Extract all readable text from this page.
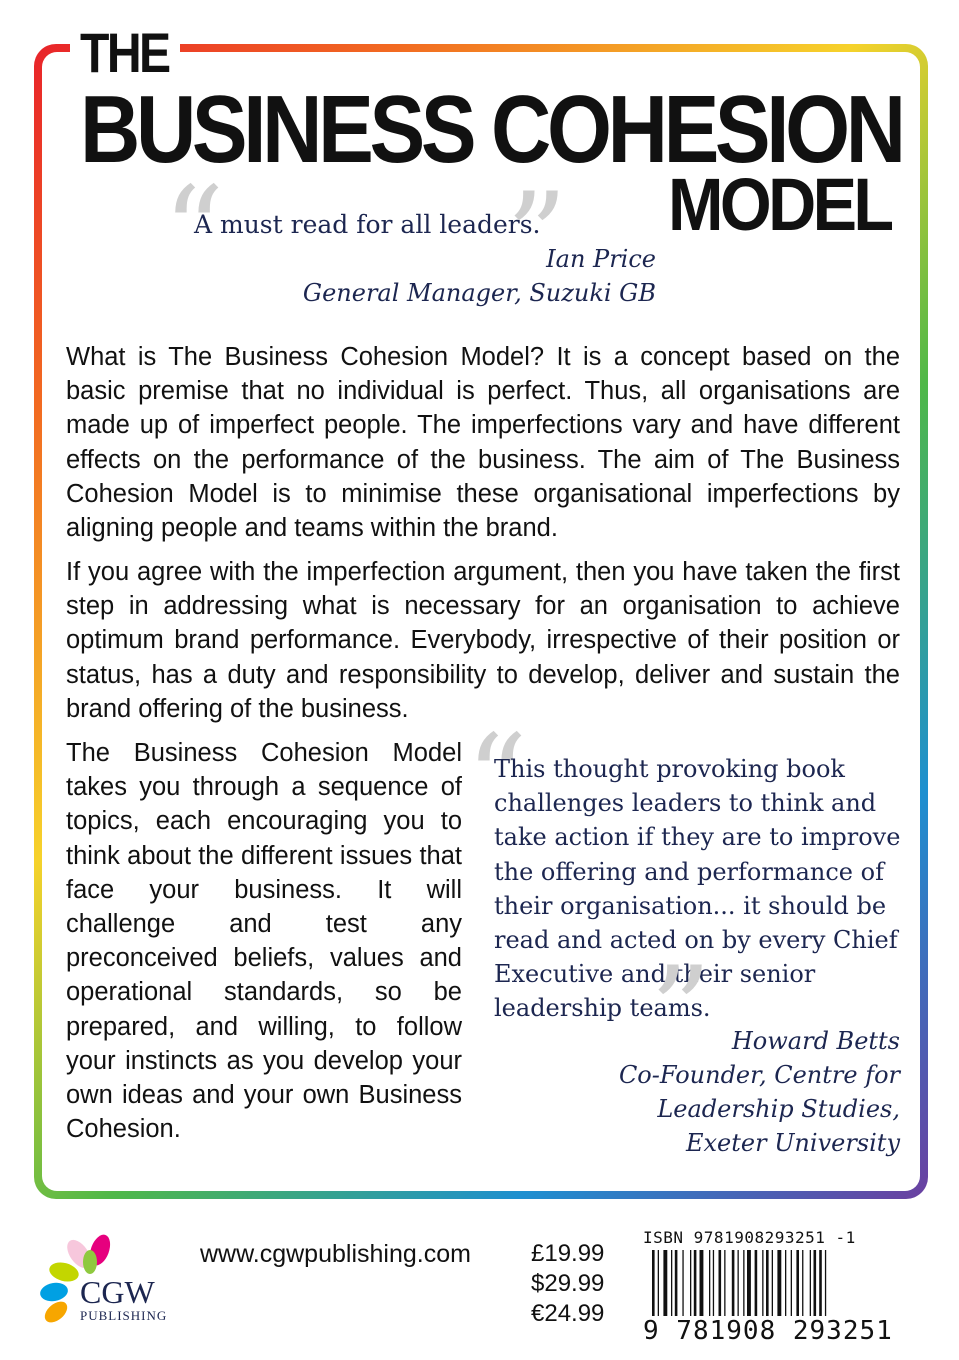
THE
BUSINESS COHESION
MODEL
“
A must read for all leaders.
”
Ian Price
General Manager, Suzuki GB

What is The Business Cohesion Model? It is a concept based on the basic premise that no individual is perfect. Thus, all organisations are made up of imperfect people. The imperfections vary and have different effects on the performance of the business. The aim of The Business Cohesion Model is to minimise these organisational imperfections by aligning people and teams within the brand.

If you agree with the imperfection argument, then you have taken the first step in addressing what is necessary for an organisation to achieve optimum brand performance. Everybody, irrespective of their position or status, has a duty and responsibility to develop, deliver and sustain the brand offering of the business.

The Business Cohesion Model takes you through a sequence of topics, each encouraging you to think about the different issues that face your business. It will challenge and test any preconceived beliefs, values and operational standards, so be prepared, and willing, to follow your instincts as you develop your own ideas and your own Business Cohesion.

“

This thought provoking book challenges leaders to think and take action if they are to improve the offering and performance of their organisation... it should be read and acted on by every Chief Executive and their senior leadership teams.

” Howard Betts
Co-Founder, Centre for
Leadership Studies,
Exeter University
CGW
PUBLISHING
www.cgwpublishing.com	£19.99
$29.99
€24.99
ISBN 9781908293251 -1
9 781908 293251
